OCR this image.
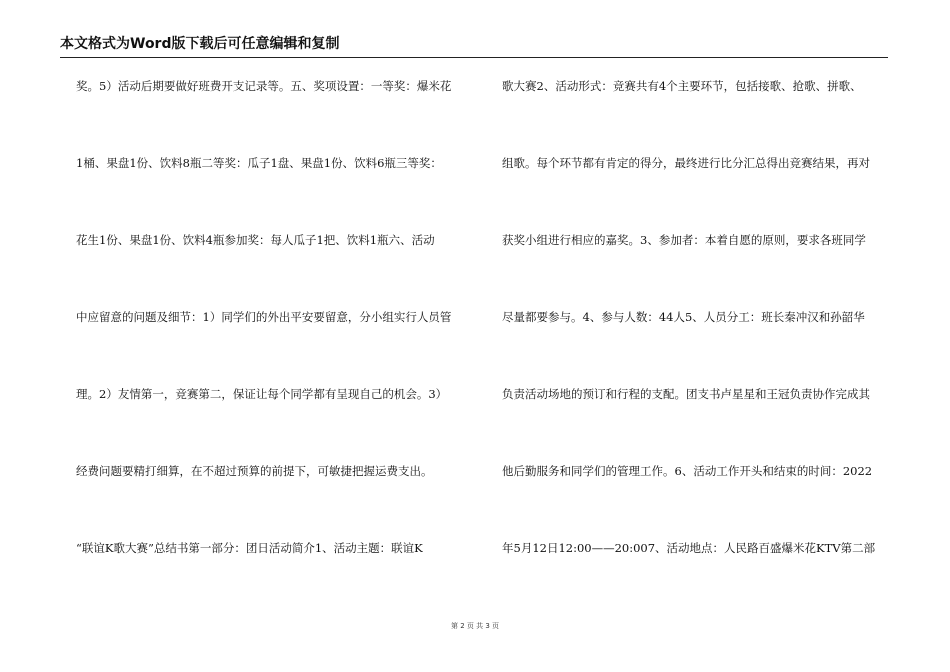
本文格式为Word版下载后可任意编辑和复制
奖。5）活动后期要做好班费开支记录等。五、奖项设置：一等奖：爆米花
1桶、果盘1份、饮料8瓶二等奖：瓜子1盘、果盘1份、饮料6瓶三等奖：
花生1份、果盘1份、饮料4瓶参加奖：每人瓜子1把、饮料1瓶六、活动
中应留意的问题及细节：1）同学们的外出平安要留意，分小组实行人员管
理。2）友情第一，竞赛第二，保证让每个同学都有呈现自己的机会。3）
经费问题要精打细算，在不超过预算的前提下，可敏捷把握运费支出。
“联谊K歌大赛”总结书第一部分：团日活动简介1、活动主题：联谊K
歌大赛2、活动形式：竞赛共有4个主要环节，包括接歌、抢歌、拼歌、
组歌。每个环节都有肯定的得分，最终进行比分汇总得出竞赛结果，再对
获奖小组进行相应的嘉奖。3、参加者：本着自愿的原则，要求各班同学
尽量都要参与。4、参与人数：44人5、人员分工：班长秦冲汉和孙韶华
负责活动场地的预订和行程的支配。团支书卢星星和王冠负责协作完成其
他后勤服务和同学们的管理工作。6、活动工作开头和结束的时间：2022
年5月12日12:00——20:007、活动地点：人民路百盛爆米花KTV第二部
第 2 页 共 3 页
